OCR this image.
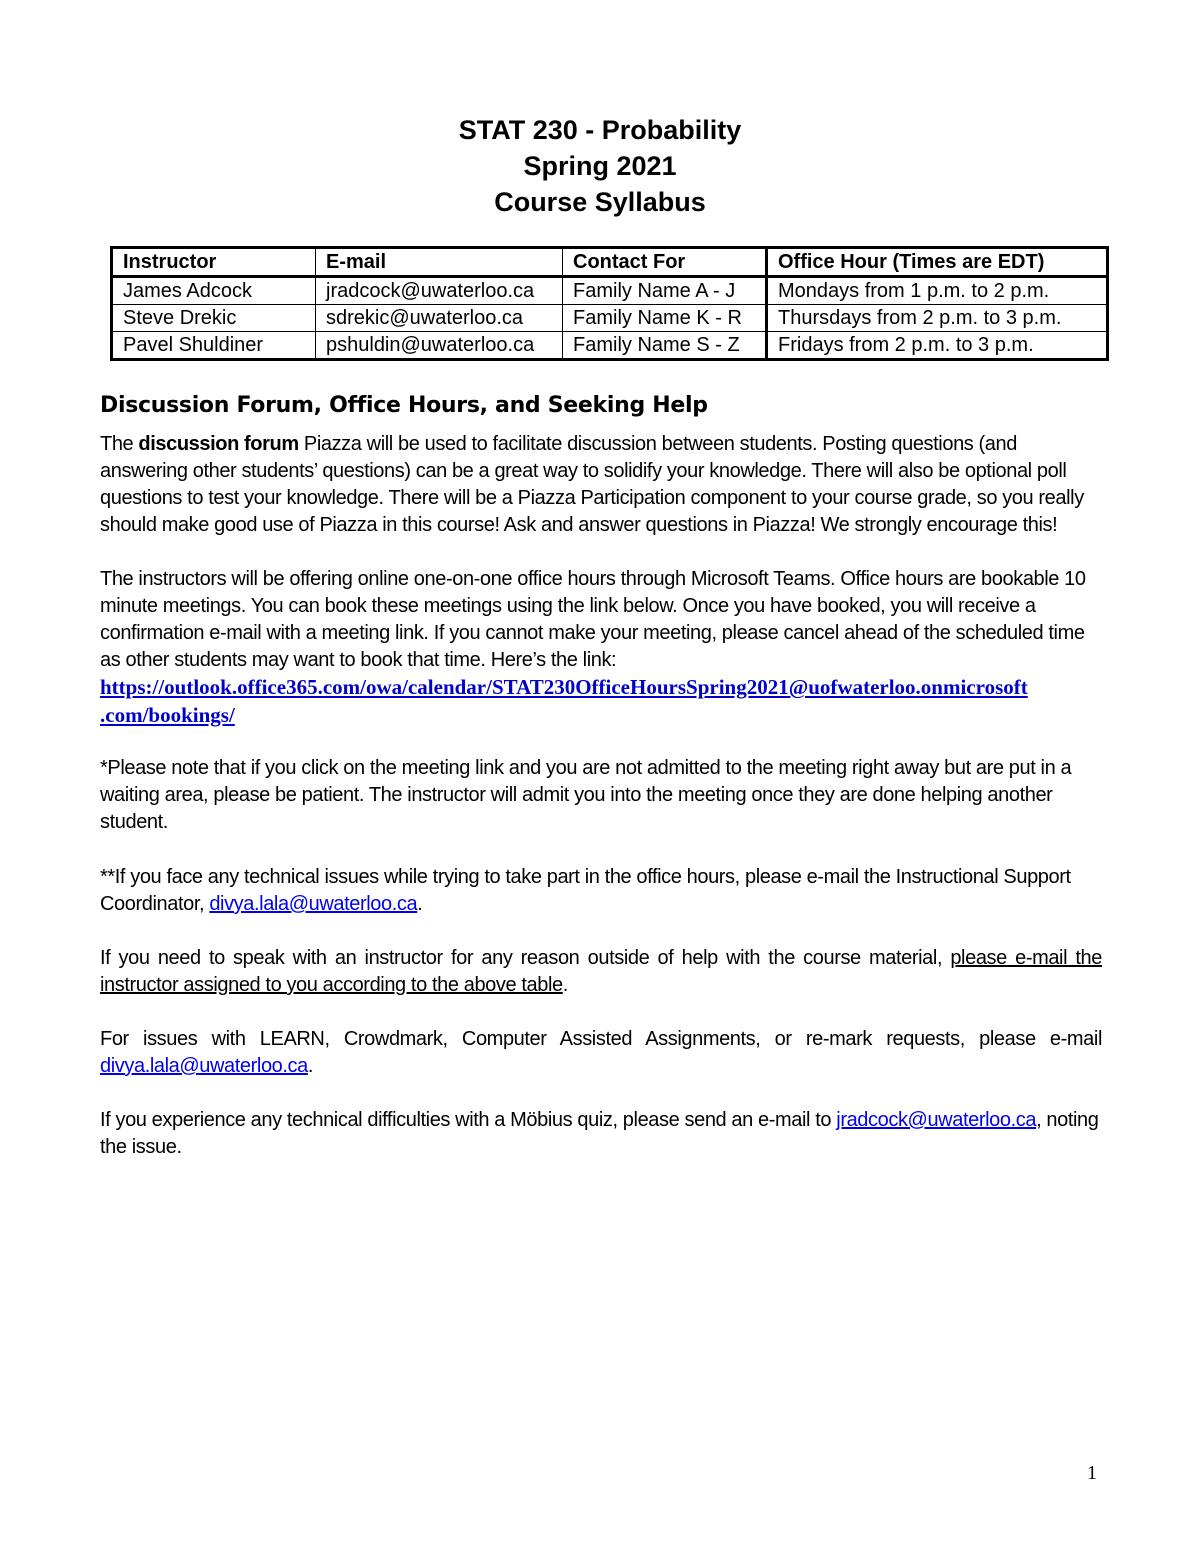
STAT 230 - Probability
Spring 2021
Course Syllabus
Instructor	E-mail	Contact For	Office Hour (Times are EDT)
James Adcock	jradcock@uwaterloo.ca	Family Name A - J	Mondays from 1 p.m. to 2 p.m.
Steve Drekic	sdrekic@uwaterloo.ca	Family Name K - R	Thursdays from 2 p.m. to 3 p.m.
Pavel Shuldiner	pshuldin@uwaterloo.ca	Family Name S - Z	Fridays from 2 p.m. to 3 p.m.
Discussion Forum, Office Hours, and Seeking Help

The discussion forum Piazza will be used to facilitate discussion between students. Posting questions (and answering other students’ questions) can be a great way to solidify your knowledge. There will also be optional poll questions to test your knowledge. There will be a Piazza Participation component to your course grade, so you really should make good use of Piazza in this course! Ask and answer questions in Piazza! We strongly encourage this!

The instructors will be offering online one-on-one office hours through Microsoft Teams. Office hours are bookable 10 minute meetings. You can book these meetings using the link below. Once you have booked, you will receive a confirmation e-mail with a meeting link. If you cannot make your meeting, please cancel ahead of the scheduled time as other students may want to book that time. Here’s the link:
https://outlook.office365.com/owa/calendar/STAT230OfficeHoursSpring2021@uofwaterloo.onmicrosoft
.com/bookings/

*Please note that if you click on the meeting link and you are not admitted to the meeting right away but are put in a waiting area, please be patient. The instructor will admit you into the meeting once they are done helping another student.

**If you face any technical issues while trying to take part in the office hours, please e-mail the Instructional Support Coordinator, divya.lala@uwaterloo.ca.

If you need to speak with an instructor for any reason outside of help with the course material, please e-mail the instructor assigned to you according to the above table.

For issues with LEARN, Crowdmark, Computer Assisted Assignments, or re-mark requests, please e-mail divya.lala@uwaterloo.ca.

If you experience any technical difficulties with a Möbius quiz, please send an e-mail to jradcock@uwaterloo.ca, noting the issue.

1
